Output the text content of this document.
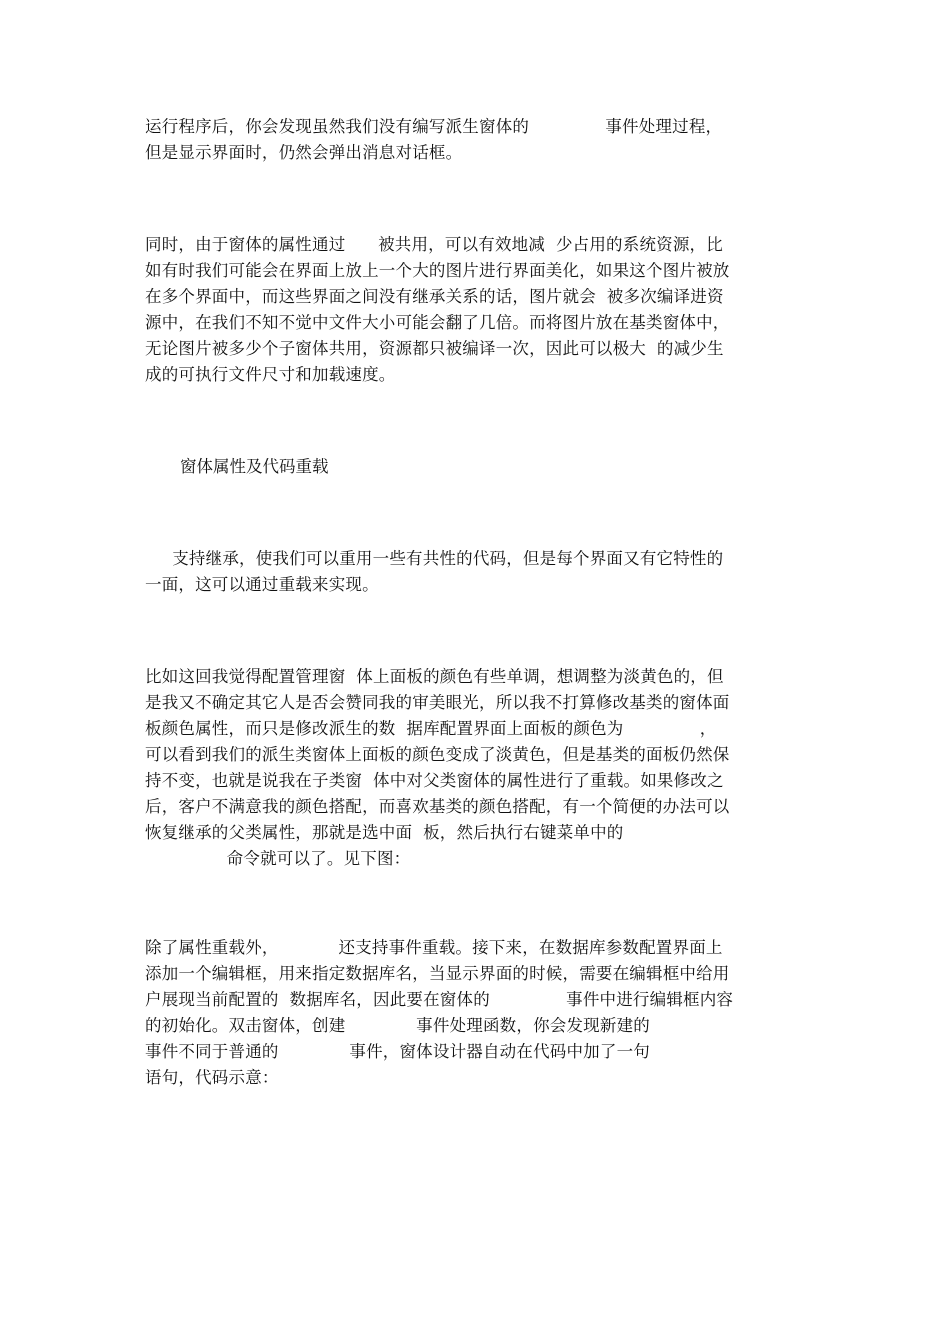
运行程序后，你会发现虽然我们没有编写派生窗体的              事件处理过程，
但是显示界面时，仍然会弹出消息对话框。
同时，由于窗体的属性通过      被共用，可以有效地减  少占用的系统资源，比
如有时我们可能会在界面上放上一个大的图片进行界面美化，如果这个图片被放
在多个界面中，而这些界面之间没有继承关系的话，图片就会  被多次编译进资
源中，在我们不知不觉中文件大小可能会翻了几倍。而将图片放在基类窗体中，
无论图片被多少个子窗体共用，资源都只被编译一次，因此可以极大  的减少生
成的可执行文件尺寸和加载速度。
窗体属性及代码重载
支持继承，使我们可以重用一些有共性的代码，但是每个界面又有它特性的
一面，这可以通过重载来实现。
比如这回我觉得配置管理窗  体上面板的颜色有些单调，想调整为淡黄色的，但
是我又不确定其它人是否会赞同我的审美眼光，所以我不打算修改基类的窗体面
板颜色属性，而只是修改派生的数  据库配置界面上面板的颜色为              ，
可以看到我们的派生类窗体上面板的颜色变成了淡黄色，但是基类的面板仍然保
持不变，也就是说我在子类窗  体中对父类窗体的属性进行了重载。如果修改之
后，客户不满意我的颜色搭配，而喜欢基类的颜色搭配，有一个简便的办法可以
恢复继承的父类属性，那就是选中面  板，然后执行右键菜单中的
命令就可以了。见下图：
除了属性重载外，           还支持事件重载。接下来，在数据库参数配置界面上
添加一个编辑框，用来指定数据库名，当显示界面的时候，需要在编辑框中给用
户展现当前配置的  数据库名，因此要在窗体的              事件中进行编辑框内容
的初始化。双击窗体，创建             事件处理函数，你会发现新建的
事件不同于普通的             事件，窗体设计器自动在代码中加了一句
语句，代码示意：
